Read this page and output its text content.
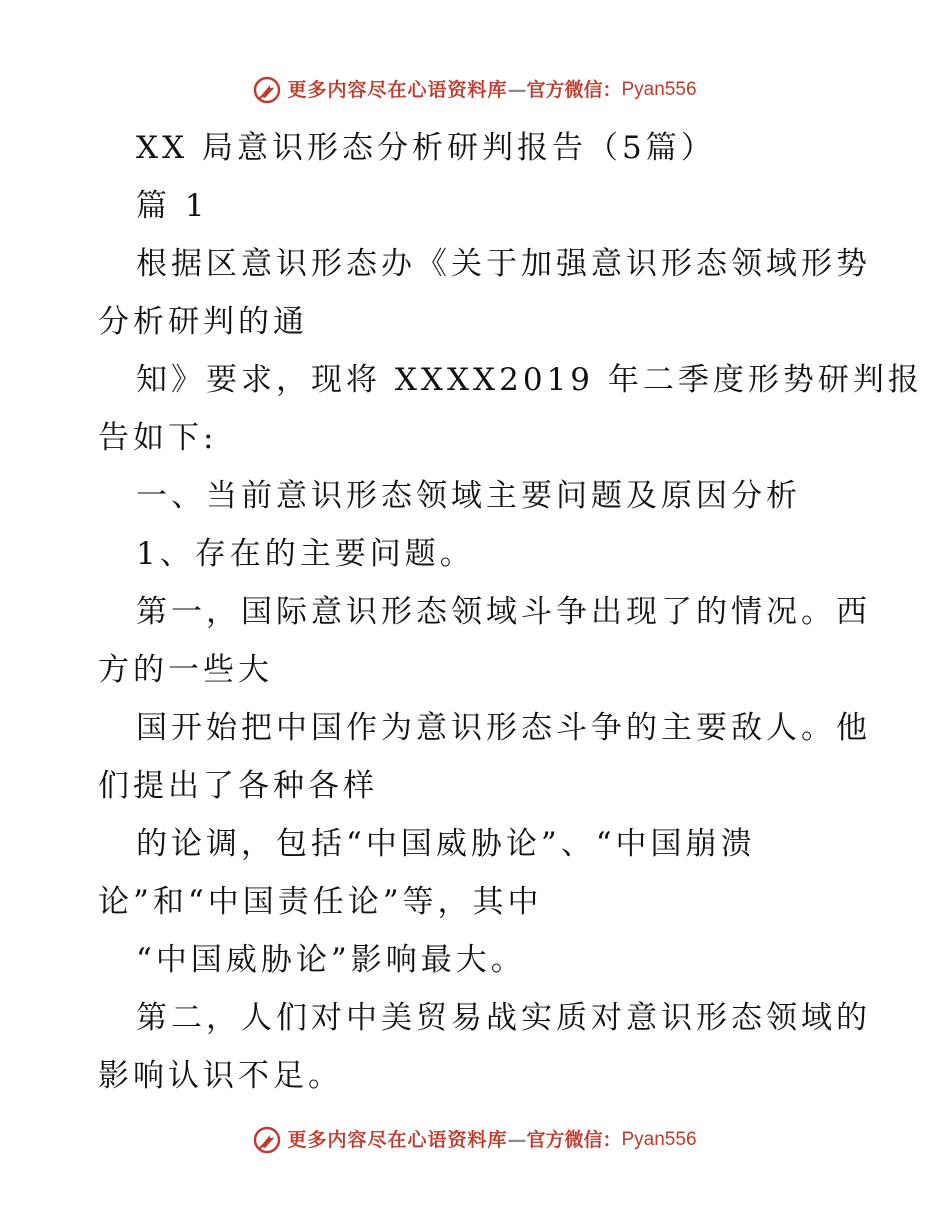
更多内容尽在心语资料库 — 官方微信： Pyan556
XX 局意识形态分析研判报告（5篇）
篇 1
根据区意识形态办《关于加强意识形态领域形势
分析研判的通
知》要求，现将 XXXX2019 年二季度形势研判报
告如下:
一、当前意识形态领域主要问题及原因分析
1、存在的主要问题。
第一，国际意识形态领域斗争出现了的情况。西
方的一些大
国开始把中国作为意识形态斗争的主要敌人。他
们提出了各种各样
的论调，包括“中国威胁论”、“中国崩溃
论”和“中国责任论”等，其中
“中国威胁论”影响最大。
第二，人们对中美贸易战实质对意识形态领域的
影响认识不足。
更多内容尽在心语资料库 — 官方微信： Pyan556
